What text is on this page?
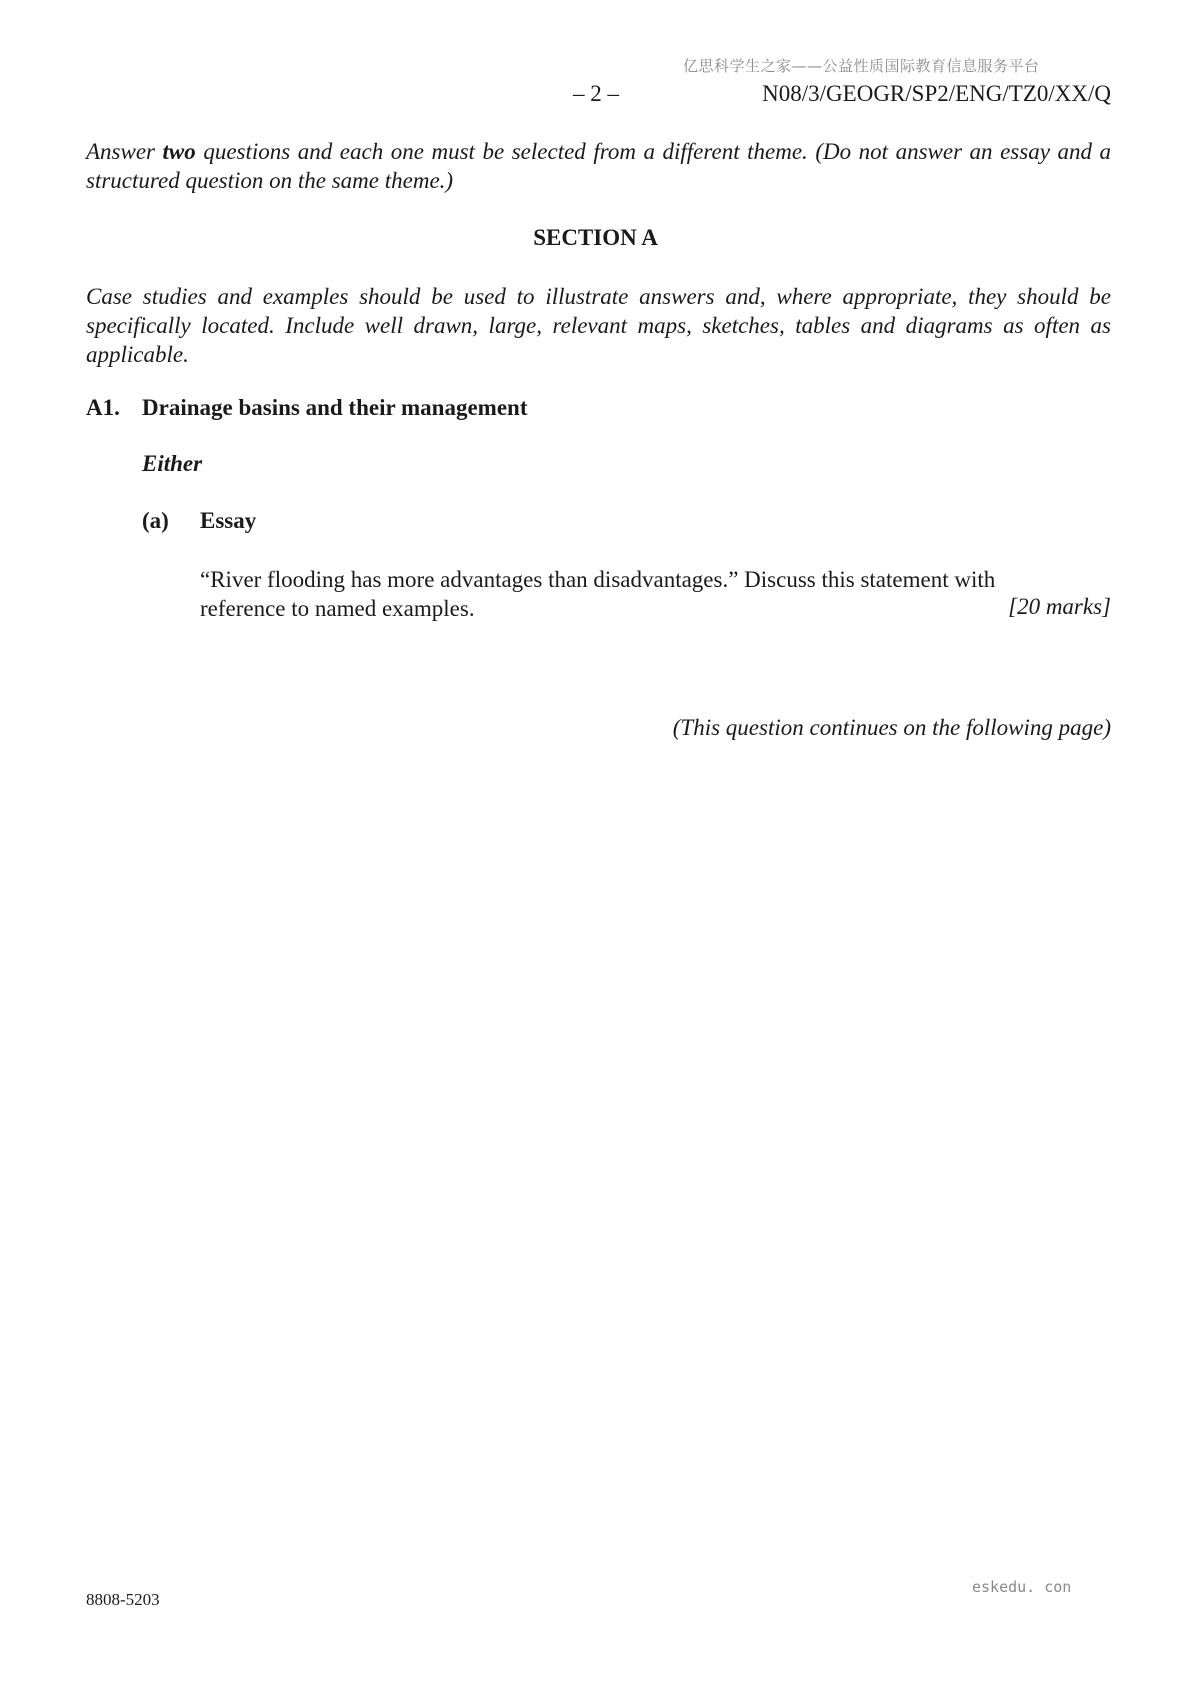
亿思科学生之家——公益性质国际教育信息服务平台
– 2 –	N08/3/GEOGR/SP2/ENG/TZ0/XX/Q
Answer two questions and each one must be selected from a different theme. (Do not answer an essay and a structured question on the same theme.)
SECTION A
Case studies and examples should be used to illustrate answers and, where appropriate, they should be specifically located. Include well drawn, large, relevant maps, sketches, tables and diagrams as often as applicable.
A1. Drainage basins and their management
Either
(a) Essay
“River flooding has more advantages than disadvantages.” Discuss this statement with reference to named examples.	[20 marks]
(This question continues on the following page)
eskedu. con
8808-5203
